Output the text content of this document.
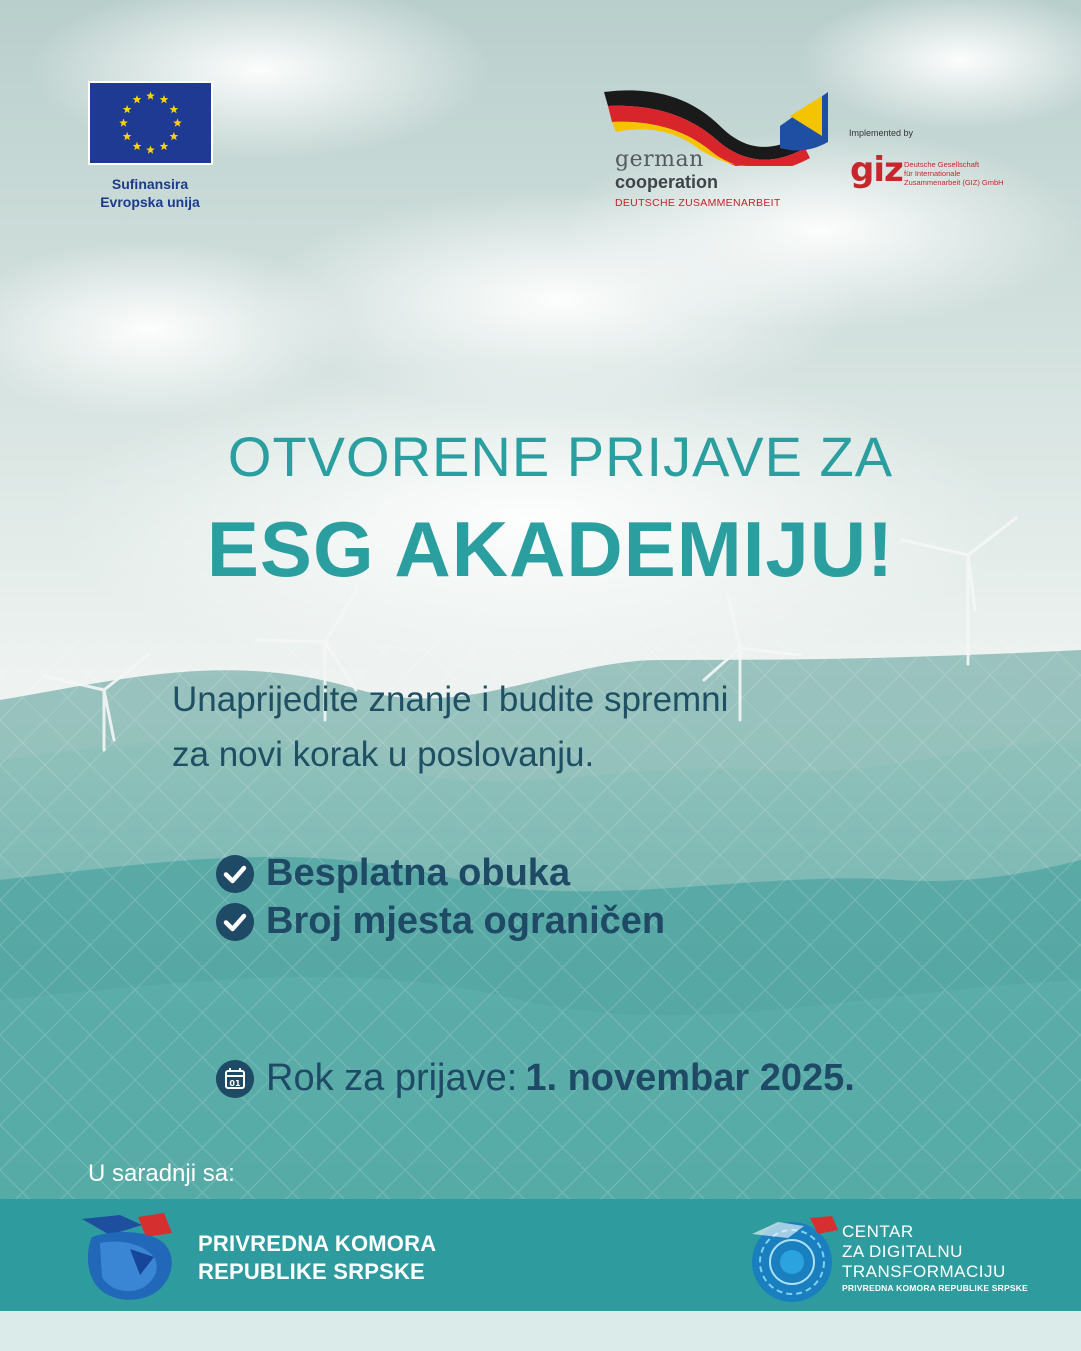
Sufinansira
Evropska unija
german
cooperation
DEUTSCHE ZUSAMMENARBEIT
Implemented by
giz Deutsche Gesellschaft
für Internationale
Zusammenarbeit (GIZ) GmbH
OTVORENE PRIJAVE ZA
ESG AKADEMIJU!
Unaprijedite znanje i budite spremni
za novi korak u poslovanju.
Besplatna obuka
Broj mjesta ograničen
01 Rok za prijave: 1. novembar 2025.
U saradnji sa:
PRIVREDNA KOMORA
REPUBLIKE SRPSKE
CENTAR
ZA DIGITALNU
TRANSFORMACIJU
PRIVREDNA KOMORA REPUBLIKE SRPSKE
